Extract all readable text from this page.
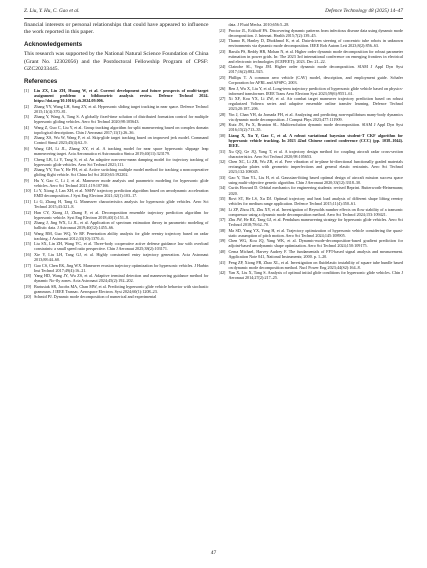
Z. Liu, Y. Hu, C. Gao et al.	Defence Technology 48 (2025) 14–47

financial interests or personal relationships that could have appeared to influence the work reported in this paper.

Acknowledgements

This research was supported by the National Natural Science Foundation of China (Grant No. 12302056) and the Postdoctoral Fellowship Program of CPSF: GZC20233445.

References
[1]	Liu ZX, Lin ZH, Huang W, et al. Current development and future prospects of multi-target assignment problem: a bibliometric analysis review. Defence Technol 2024. https://doi.org/10.1016/j.dt.2024.09.006.
[2]	Zhang YY, Wang LH, Sang ZY, et al. Hypersonic sliding target tracking in near space. Defence Technol 2015;11(4):370–81.
[3]	Zhang Y, Wang A, Tang S. A globally fixed-time solution of distributed formation control for multiple hypersonic gliding vehicles. Aero Sci Technol 2020;98:105643.
[4]	Wang Z, Guo C, Liu Y, et al. Group tracking algorithm for split maneuvering based on complex domain topological descriptions. Chin J Aeronaut 2017;11(1):26–36.
[5]	Zhang XS, Wu W, Wang F, et al. Skip-glide target tracking based on improved jerk model. Command Control Simul 2023;45(4):62–9.
[6]	Wang GH, Li JL, Zhang XY, et al. A tracking model for near space hypersonic slippage leap maneuvering target. Acta Aeronautica et Astronautica Sinica 2019;40(11):323179.
[7]	Cheng LB, Li Y, Tang S, et al. An adaptive non-zero-mean damping model for trajectory tracking of hypersonic glide vehicles. Aero Sci Technol 2021;111.
[8]	Zhang YY, Yao Y, He FH, et al. Active switching multiple model method for tracking a noncooperative gliding flight vehicle. Sci China Inf Sci 2020;63:192202.
[9]	Hu Y, Gao C, Li J, et al. Maneuver mode analysis and parametric modeling for hypersonic glide vehicles. Aero Sci Technol 2021;119:107166.
[10] Li Y, Xiong J, Lan XH, et al. NSHV trajectory prediction algorithm based on aerodynamic acceleration EMD decomposition. J Syst Eng Electron 2021;32(1):103–17.
[11] Li G, Zhang H, Tang G. Maneuver characteristics analysis for hypersonic glide vehicles. Aero Sci Technol 2015;43:321–8.
[12] Han CY, Xiong JJ, Zhang F, et al. Decomposition ensemble trajectory prediction algorithm for hypersonic vehicle. Syst Eng Electron 2018;40(1):151–8.
[13] Zhang J, Jing WX, Li JL, et al. Application of spectrum estimation theory in parametric modeling of ballistic data. J Astronaut 2019;40(12):1455–66.
[14] Wang BM, Guo WQ, Ye RF. Penetration ability analysis for glide reentry trajectory based on radar tracking. J Astronaut 2012;33(10):1370–6.
[15] Liu SX, Lin ZH, Wang YC, et al. Three-body cooperative active defense guidance law with overload constraints: a small speed ratio perspective. Chin J Aeronaut 2025;38(2):103171.
[16] Xie Y, Liu LH, Tang GJ, et al. Highly constrained entry trajectory generation. Acta Astronaut 2013;88:44–60.
[17] Gao CS, Chen EK, Jing WX. Maneuver evasion trajectory optimization for hypersonic vehicles. J Harbin Inst Technol 2017;49(4):16–21.
[18] Yang HD, Wang JY, Wu ZS, et al. Adaptive terminal detection and maneuvering guidance method for dynamic No-fly zones. Acta Astronaut 2024;45(2):192–202.
[19] Bartusiak SR, Jacobs MA, Chan MW, et al. Predicting hypersonic glide vehicle behavior with stochastic grammars. J IEEE Transac. Aerospace Electron. Syst 2024;60(1):1208–23.
[20] Schmid PJ. Dynamic mode decomposition of numerical and experimental
data. J Fluid Mecha. 2010;656:5–28.
[21] Proctor JL, Eckhoff PA. Discovering dynamic patterns from infectious disease data using dynamic mode decomposition. J. Internat. Health 2015;7(2):139–45.
[22] Thamo B, Hanley D, Dhokhmol K, et al. Data-driven steering of concentric tube robots in unknown environments via dynamic mode decomposition. IEEE Rob Autom Lett 2023;8(2):856–63.
[23] Barula PS, Reddy HR, Mohan N, et al. Higher order dynamic mode decomposition for robust parameter estimation in power grids. In: The 2023 3rd international conference on emerging frontiers in electrical and electronic technologies (ICEFEET); 2023. Dec 21–22.
[24] Clainche SL, Vega JM. Higher order dynamic mode decomposition. SIAM J Appl Dyn Syst 2017;16(2):882–925.
[25] Phillips T. A common aero vehicle (CAV) model, description, and employment guide. Schafer Corporation for AFRL and AFSPC; 2003.
[26] Ren J, Wu X, Liu Y, et al. Long-term trajectory prediction of hypersonic glide vehicle based on physics-informed transformer. IEEE Trans Aero Electron Syst 2023;59(6):9551–61.
[27] Xi XF, Kou YX, Li ZW, et al. Air combat target maneuver trajectory prediction based on robust regularized Volterra series and adaptive ensemble online transfer learning. Defence Technol 2023;20:187–206.
[28] Yin J, Chan YH, da Jornada FH, et al. Analyzing and predicting non-equilibrium many-body dynamics via dynamic mode decomposition. J Comput Phys 2023;477:111909.
[29] Kutz JN, Fu X, Brunton SL. Multiresolution dynamic mode decomposition. SIAM J Appl Dyn Syst 2016;15(2):713–35.
[30] Liang X, Xu Y, Gao C, et al. A robust variational bayesian student-T CKF algorithm for hypersonic vehicle tracking. In 2023 42nd Chinese control conference (CCC) (pp. 1038–1044). IEEE.
[31] Xu QQ, Ge JQ, Yang T, et al. A trajectory design method for coupling aircraft radar cross-section characteristics. Aero Sci Technol 2020;98:105653.
[32] Chen XC, Li ZR, Wu ZB, et al. Free vibration of in-plane bi-directional functionally graded materials rectangular plates with geometric imperfections and general elastic restraints. Aero Sci Technol 2023;132:108045.
[33] Gao Y, Tian YL, Liu H, et al. Gaussian-fitting based optimal design of aircraft mission success space using multi-objective genetic algorithm. Chin J Aeronaut 2020;33(12):3318–30.
[34] Curtis Howard D. Orbital mechanics for engineering students: revised Reprint. Butterworth-Heinemann; 2020.
[35] Rovi ST, He LS, Xu DJ. Optimal trajectory and heat load analysis of different shape lifting reentry vehicles for medium range application. Defence Technol 2015;11(4):350–61.
[36] Li ZP, Zhou JX, Zhu XY, et al. Investigation of Reynolds number effects on flow stability of a transonic compressor using a dynamic mode decomposition method. Aero Sci Technol 2024;153:109421.
[37] Zhu JW, He RZ, Tang GJ, et al. Pendulum maneuvering strategy for hypersonic glide vehicles. Aero Sci Technol 2018;78:62–70.
[38] Ma SD, Yang YX, Yang H, et al. Trajectory optimization of hypersonic vehicle considering the quasi-static assumption of pitch motion. Aero Sci Technol 2024;145:108905.
[39] Chen WG, Kou JQ, Yang WK, et al. Dynamic-mode-decomposition-based gradient prediction for adjoint-based aerodynamic shape optimization. Aero Sci Technol 2024;150:109175.
[40] Cema Michael, Harvey Audrey F. The fundamentals of FFT-based signal analysis and measurement. Application Note 041, National Instruments; 2000. p. 1–20.
[41] Feng ZP, Xiong FB, Zhao XL, et al. Investigation on fluidelastic instability of square tube bundle based on dynamic mode decomposition method. Nucl Power Eng 2023;44(S2):164–8.
[42] Yan X, Liu X, Tang S. Analysis of optimal initial glide conditions for hypersonic glide vehicles. Chin J Aeronaut 2014;27(2):217–25.
47
